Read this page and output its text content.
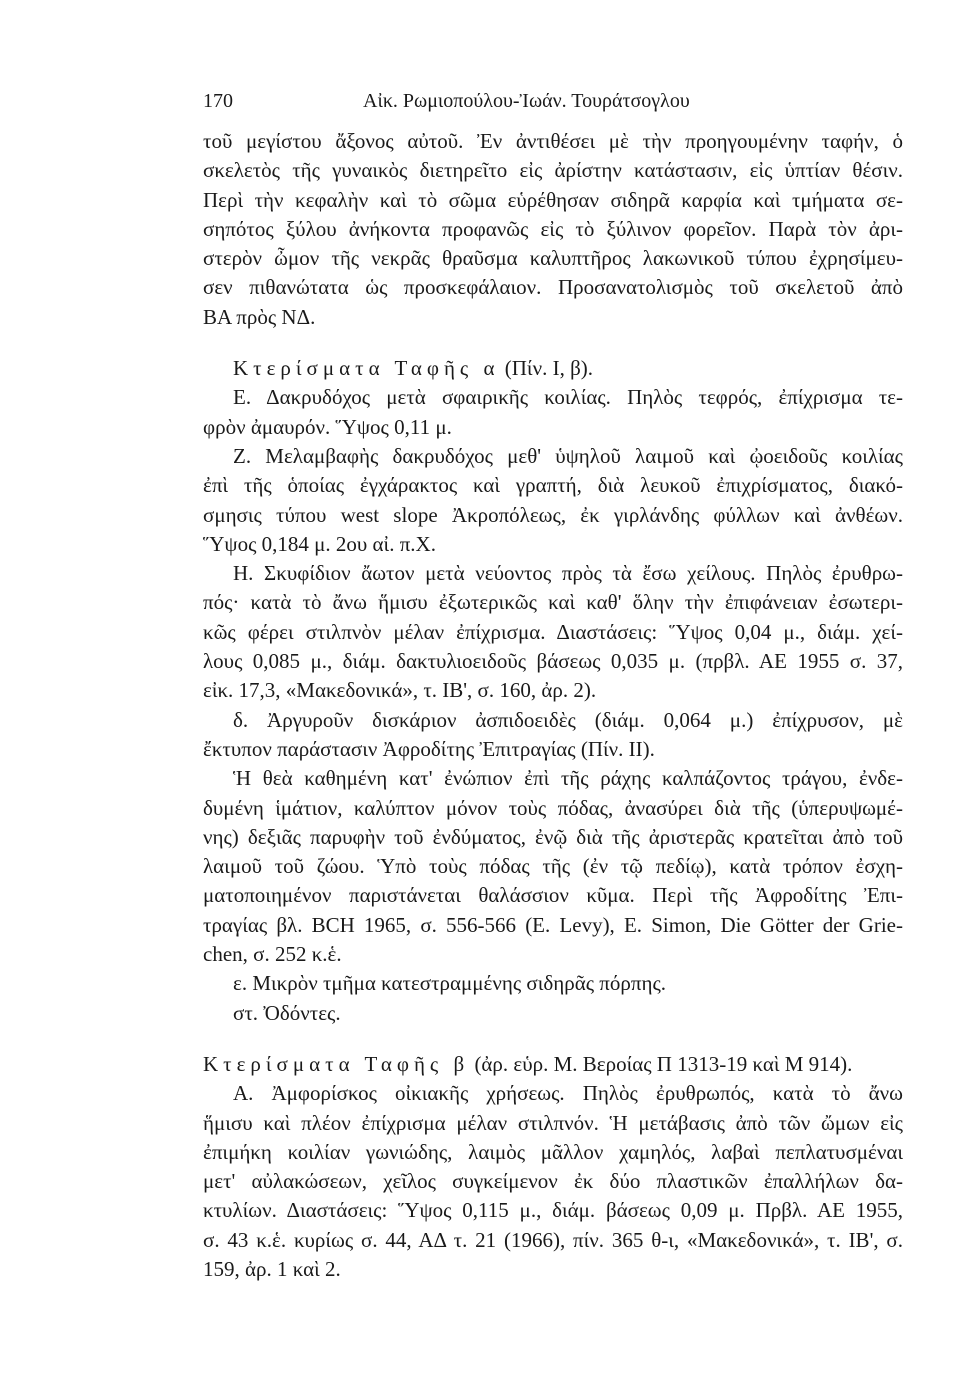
170	Αἰκ. Ρωμιοπούλου-Ἰωάν. Τουράτσογλου
τοῦ μεγίστου ἄξονος αὐτοῦ. Ἐν ἀντιθέσει μὲ τὴν προηγουμένην ταφήν, ὁ
σκελετὸς τῆς γυναικὸς διετηρεῖτο εἰς ἀρίστην κατάστασιν, εἰς ὑπτίαν θέσιν.
Περὶ τὴν κεφαλὴν καὶ τὸ σῶμα εὑρέθησαν σιδηρᾶ καρφία καὶ τμήματα σε-
σηπότος ξύλου ἀνήκοντα προφανῶς εἰς τὸ ξύλινον φορεῖον. Παρὰ τὸν ἀρι-
στερὸν ὦμον τῆς νεκρᾶς θραῦσμα καλυπτῆρος λακωνικοῦ τύπου ἐχρησίμευ-
σεν πιθανώτατα ὡς προσκεφάλαιον. Προσανατολισμὸς τοῦ σκελετοῦ ἀπὸ
ΒΑ πρὸς ΝΔ.
Κτερίσματα Ταφῆς α (Πίν. Ι, β).
Ε. Δακρυδόχος μετὰ σφαιρικῆς κοιλίας. Πηλὸς τεφρός, ἐπίχρισμα τε-
φρὸν ἀμαυρόν. Ὕψος 0,11 μ.
Ζ. Μελαμβαφὴς δακρυδόχος μεθ' ὑψηλοῦ λαιμοῦ καὶ ᾠοειδοῦς κοιλίας
ἐπὶ τῆς ὁποίας ἐγχάρακτος καὶ γραπτή, διὰ λευκοῦ ἐπιχρίσματος, διακό-
σμησις τύπου west slope Ἀκροπόλεως, ἐκ γιρλάνδης φύλλων καὶ ἀνθέων.
Ὕψος 0,184 μ. 2ου αἰ. π.Χ.
Η. Σκυφίδιον ἄωτον μετὰ νεύοντος πρὸς τὰ ἔσω χείλους. Πηλὸς ἐρυθρω-
πός· κατὰ τὸ ἄνω ἥμισυ ἐξωτερικῶς καὶ καθ' ὅλην τὴν ἐπιφάνειαν ἐσωτερι-
κῶς φέρει στιλπνὸν μέλαν ἐπίχρισμα. Διαστάσεις: Ὕψος 0,04 μ., διάμ. χεί-
λους 0,085 μ., διάμ. δακτυλιοειδοῦς βάσεως 0,035 μ. (πρβλ. ΑΕ 1955 σ. 37,
εἰκ. 17,3, «Μακεδονικά», τ. ΙΒ', σ. 160, ἀρ. 2).
δ. Ἀργυροῦν δισκάριον ἀσπιδοειδὲς (διάμ. 0,064 μ.) ἐπίχρυσον, μὲ
ἔκτυπον παράστασιν Ἀφροδίτης Ἐπιτραγίας (Πίν. ΙΙ).
Ἡ θεὰ καθημένη κατ' ἐνώπιον ἐπὶ τῆς ράχης καλπάζοντος τράγου, ἐνδε-
δυμένη ἱμάτιον, καλύπτον μόνον τοὺς πόδας, ἀνασύρει διὰ τῆς (ὑπερυψωμέ-
νης) δεξιᾶς παρυφὴν τοῦ ἐνδύματος, ἐνῷ διὰ τῆς ἀριστερᾶς κρατεῖται ἀπὸ τοῦ
λαιμοῦ τοῦ ζώου. Ὑπὸ τοὺς πόδας τῆς (ἐν τῷ πεδίῳ), κατὰ τρόπον ἐσχη-
ματοποιημένον παριστάνεται θαλάσσιον κῦμα. Περὶ τῆς Ἀφροδίτης Ἐπι-
τραγίας βλ. BCH 1965, σ. 556-566 (E. Levy), E. Simon, Die Götter der Grie-
chen, σ. 252 κ.ἑ.
ε. Μικρὸν τμῆμα κατεστραμμένης σιδηρᾶς πόρπης.
στ. Ὀδόντες.
Κτερίσματα Ταφῆς β (ἀρ. εὑρ. Μ. Βεροίας Π 1313-19 καὶ Μ 914).
Α. Ἀμφορίσκος οἰκιακῆς χρήσεως. Πηλὸς ἐρυθρωπός, κατὰ τὸ ἄνω
ἥμισυ καὶ πλέον ἐπίχρισμα μέλαν στιλπνόν. Ἡ μετάβασις ἀπὸ τῶν ὤμων εἰς
ἐπιμήκη κοιλίαν γωνιώδης, λαιμὸς μᾶλλον χαμηλός, λαβαὶ πεπλατυσμέναι
μετ' αὐλακώσεων, χεῖλος συγκείμενον ἐκ δύο πλαστικῶν ἐπαλλήλων δα-
κτυλίων. Διαστάσεις: Ὕψος 0,115 μ., διάμ. βάσεως 0,09 μ. Πρβλ. ΑΕ 1955,
σ. 43 κ.ἑ. κυρίως σ. 44, ΑΔ τ. 21 (1966), πίν. 365 θ-ι, «Μακεδονικά», τ. ΙΒ', σ.
159, ἀρ. 1 καὶ 2.
